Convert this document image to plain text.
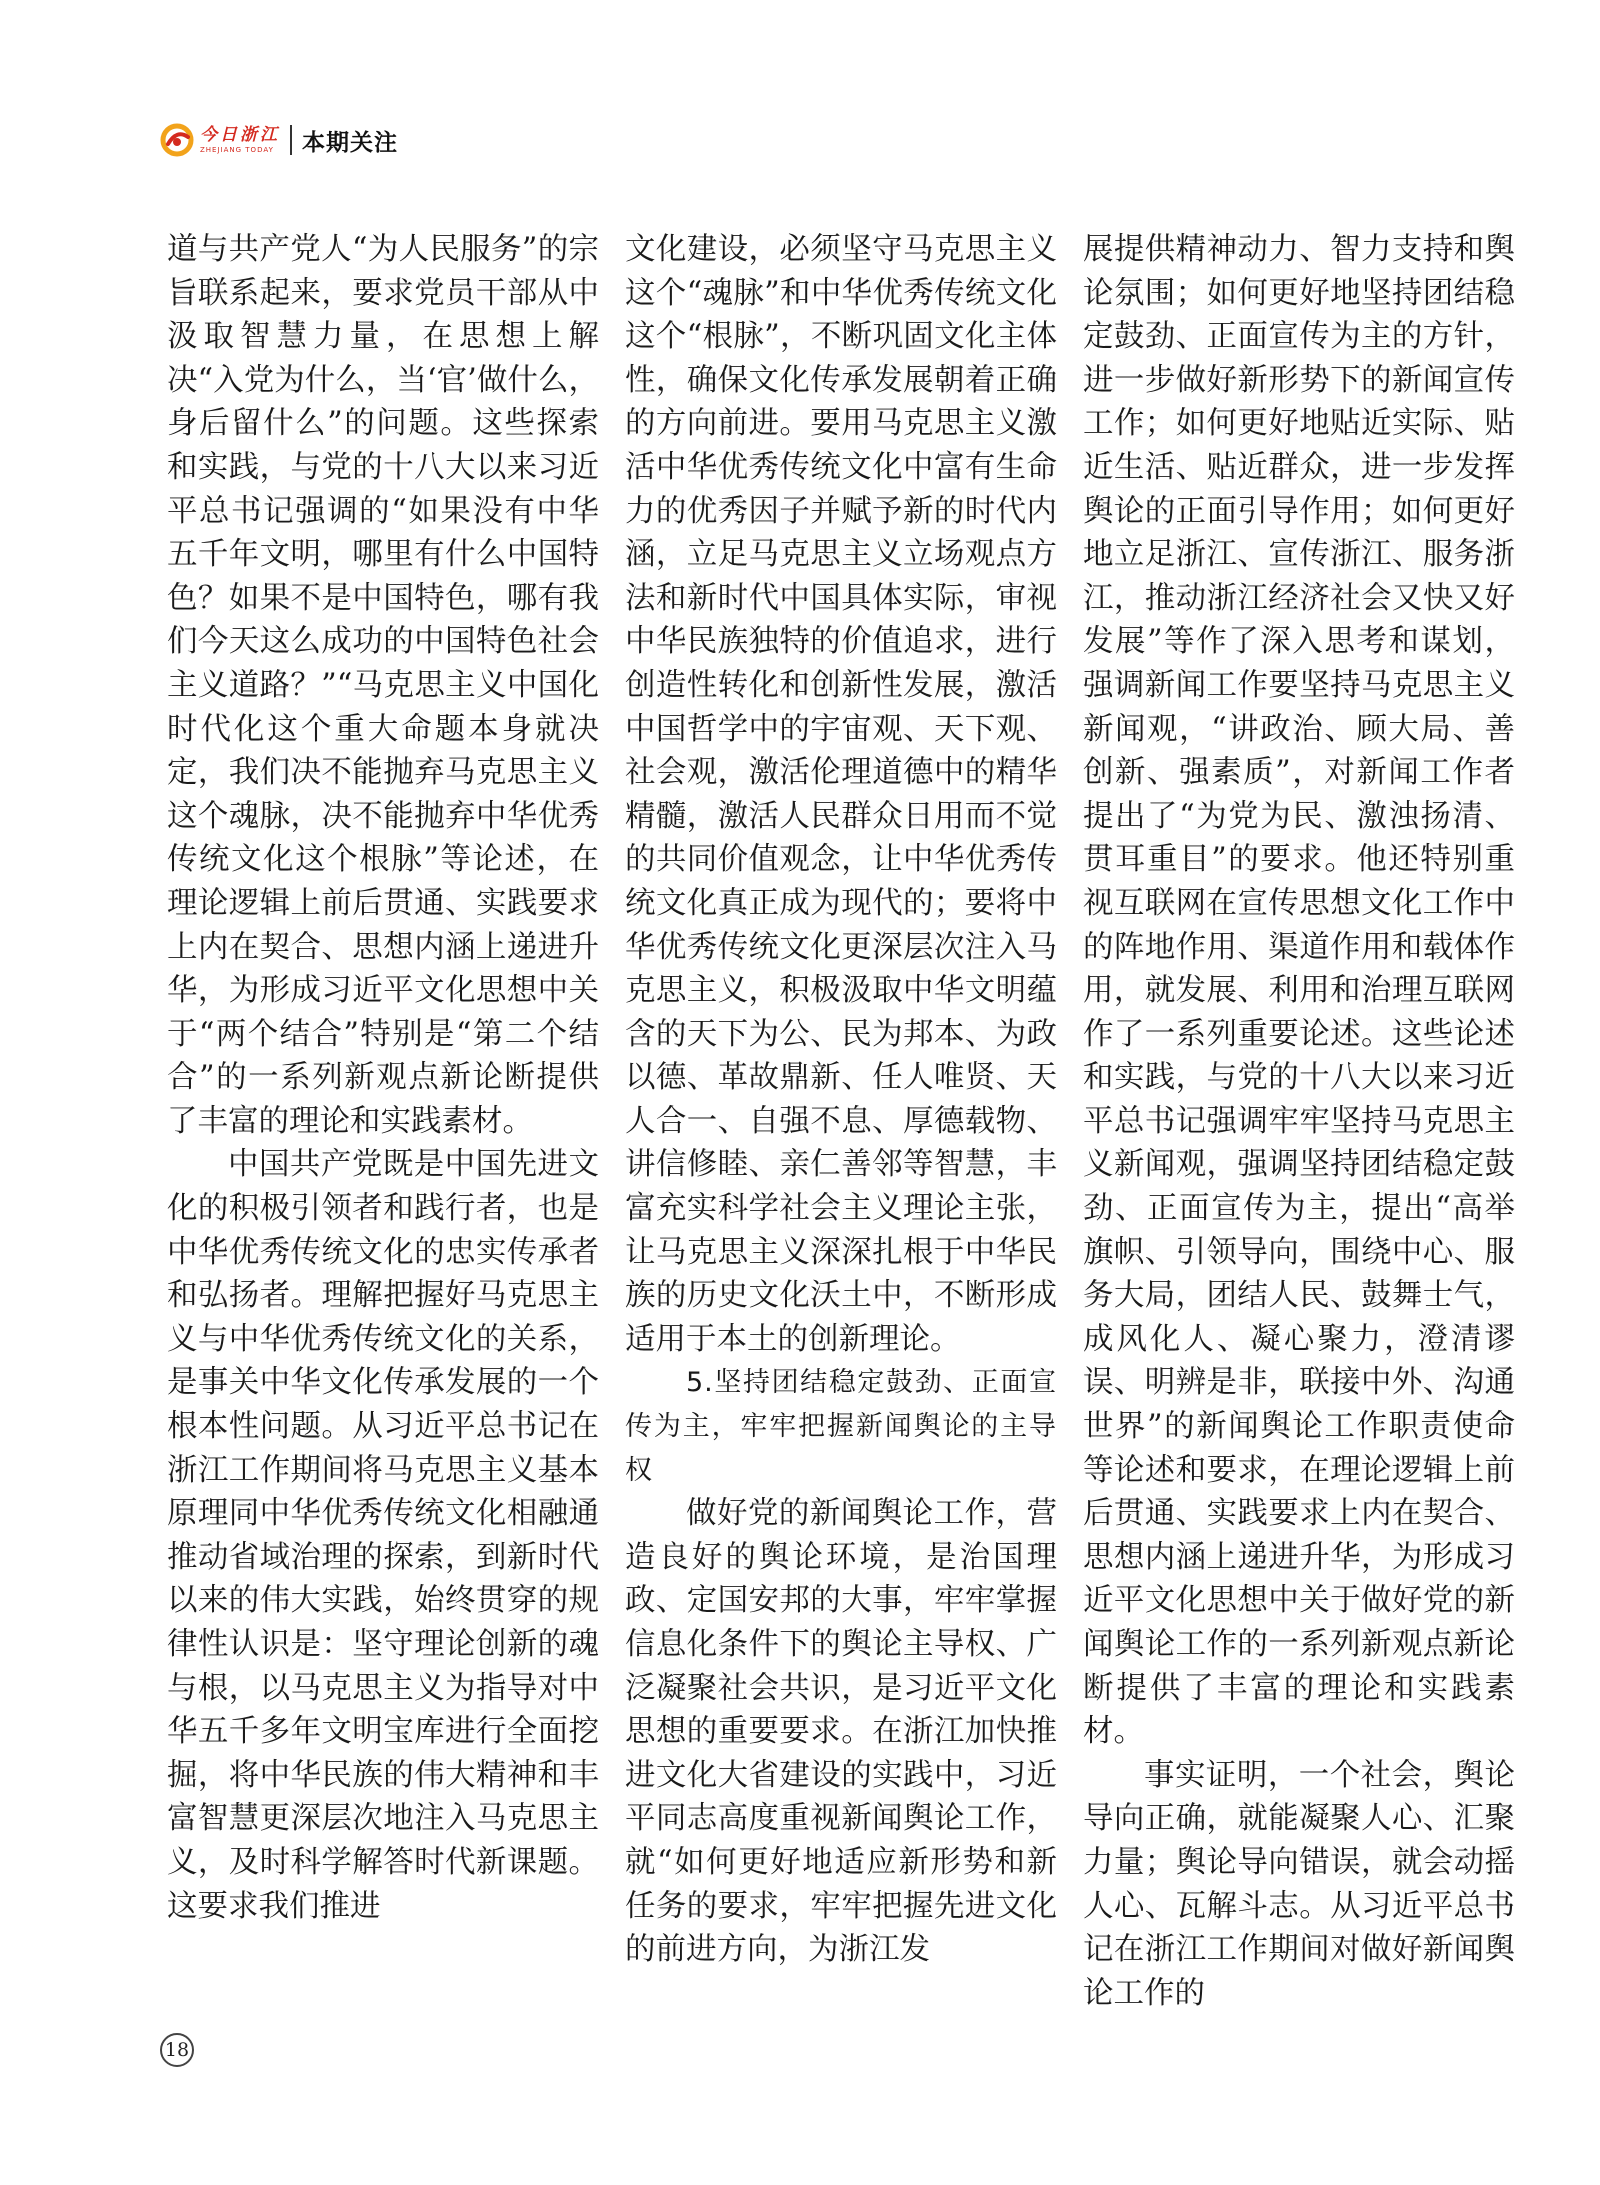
今日浙江
ZHEJIANG TODAY 本期关注

道与共产党人“为人民服务”的宗旨联系起来，要求党员干部从中汲取智慧力量，在思想上解决“入党为什么，当‘官’做什么，身后留什么”的问题。这些探索和实践，与党的十八大以来习近平总书记强调的“如果没有中华五千年文明，哪里有什么中国特色？如果不是中国特色，哪有我们今天这么成功的中国特色社会主义道路？”“马克思主义中国化时代化这个重大命题本身就决定，我们决不能抛弃马克思主义这个魂脉，决不能抛弃中华优秀传统文化这个根脉”等论述，在理论逻辑上前后贯通、实践要求上内在契合、思想内涵上递进升华，为形成习近平文化思想中关于“两个结合”特别是“第二个结合”的一系列新观点新论断提供了丰富的理论和实践素材。

中国共产党既是中国先进文化的积极引领者和践行者，也是中华优秀传统文化的忠实传承者和弘扬者。理解把握好马克思主义与中华优秀传统文化的关系，是事关中华文化传承发展的一个根本性问题。从习近平总书记在浙江工作期间将马克思主义基本原理同中华优秀传统文化相融通推动省域治理的探索，到新时代以来的伟大实践，始终贯穿的规律性认识是：坚守理论创新的魂与根，以马克思主义为指导对中华五千多年文明宝库进行全面挖掘，将中华民族的伟大精神和丰富智慧更深层次地注入马克思主义，及时科学解答时代新课题。这要求我们推进

文化建设，必须坚守马克思主义这个“魂脉”和中华优秀传统文化这个“根脉”，不断巩固文化主体性，确保文化传承发展朝着正确的方向前进。要用马克思主义激活中华优秀传统文化中富有生命力的优秀因子并赋予新的时代内涵，立足马克思主义立场观点方法和新时代中国具体实际，审视中华民族独特的价值追求，进行创造性转化和创新性发展，激活中国哲学中的宇宙观、天下观、社会观，激活伦理道德中的精华精髓，激活人民群众日用而不觉的共同价值观念，让中华优秀传统文化真正成为现代的；要将中华优秀传统文化更深层次注入马克思主义，积极汲取中华文明蕴含的天下为公、民为邦本、为政以德、革故鼎新、任人唯贤、天人合一、自强不息、厚德载物、讲信修睦、亲仁善邻等智慧，丰富充实科学社会主义理论主张，让马克思主义深深扎根于中华民族的历史文化沃土中，不断形成适用于本土的创新理论。

5.坚持团结稳定鼓劲、正面宣传为主，牢牢把握新闻舆论的主导权

做好党的新闻舆论工作，营造良好的舆论环境，是治国理政、定国安邦的大事，牢牢掌握信息化条件下的舆论主导权、广泛凝聚社会共识，是习近平文化思想的重要要求。在浙江加快推进文化大省建设的实践中，习近平同志高度重视新闻舆论工作，就“如何更好地适应新形势和新任务的要求，牢牢把握先进文化的前进方向，为浙江发

展提供精神动力、智力支持和舆论氛围；如何更好地坚持团结稳定鼓劲、正面宣传为主的方针，进一步做好新形势下的新闻宣传工作；如何更好地贴近实际、贴近生活、贴近群众，进一步发挥舆论的正面引导作用；如何更好地立足浙江、宣传浙江、服务浙江，推动浙江经济社会又快又好发展”等作了深入思考和谋划，强调新闻工作要坚持马克思主义新闻观，“讲政治、顾大局、善创新、强素质”，对新闻工作者提出了“为党为民、激浊扬清、贯耳重目”的要求。他还特别重视互联网在宣传思想文化工作中的阵地作用、渠道作用和载体作用，就发展、利用和治理互联网作了一系列重要论述。这些论述和实践，与党的十八大以来习近平总书记强调牢牢坚持马克思主义新闻观，强调坚持团结稳定鼓劲、正面宣传为主，提出“高举旗帜、引领导向，围绕中心、服务大局，团结人民、鼓舞士气，成风化人、凝心聚力，澄清谬误、明辨是非，联接中外、沟通世界”的新闻舆论工作职责使命等论述和要求，在理论逻辑上前后贯通、实践要求上内在契合、思想内涵上递进升华，为形成习近平文化思想中关于做好党的新闻舆论工作的一系列新观点新论断提供了丰富的理论和实践素材。

事实证明，一个社会，舆论导向正确，就能凝聚人心、汇聚力量；舆论导向错误，就会动摇人心、瓦解斗志。从习近平总书记在浙江工作期间对做好新闻舆论工作的

18
